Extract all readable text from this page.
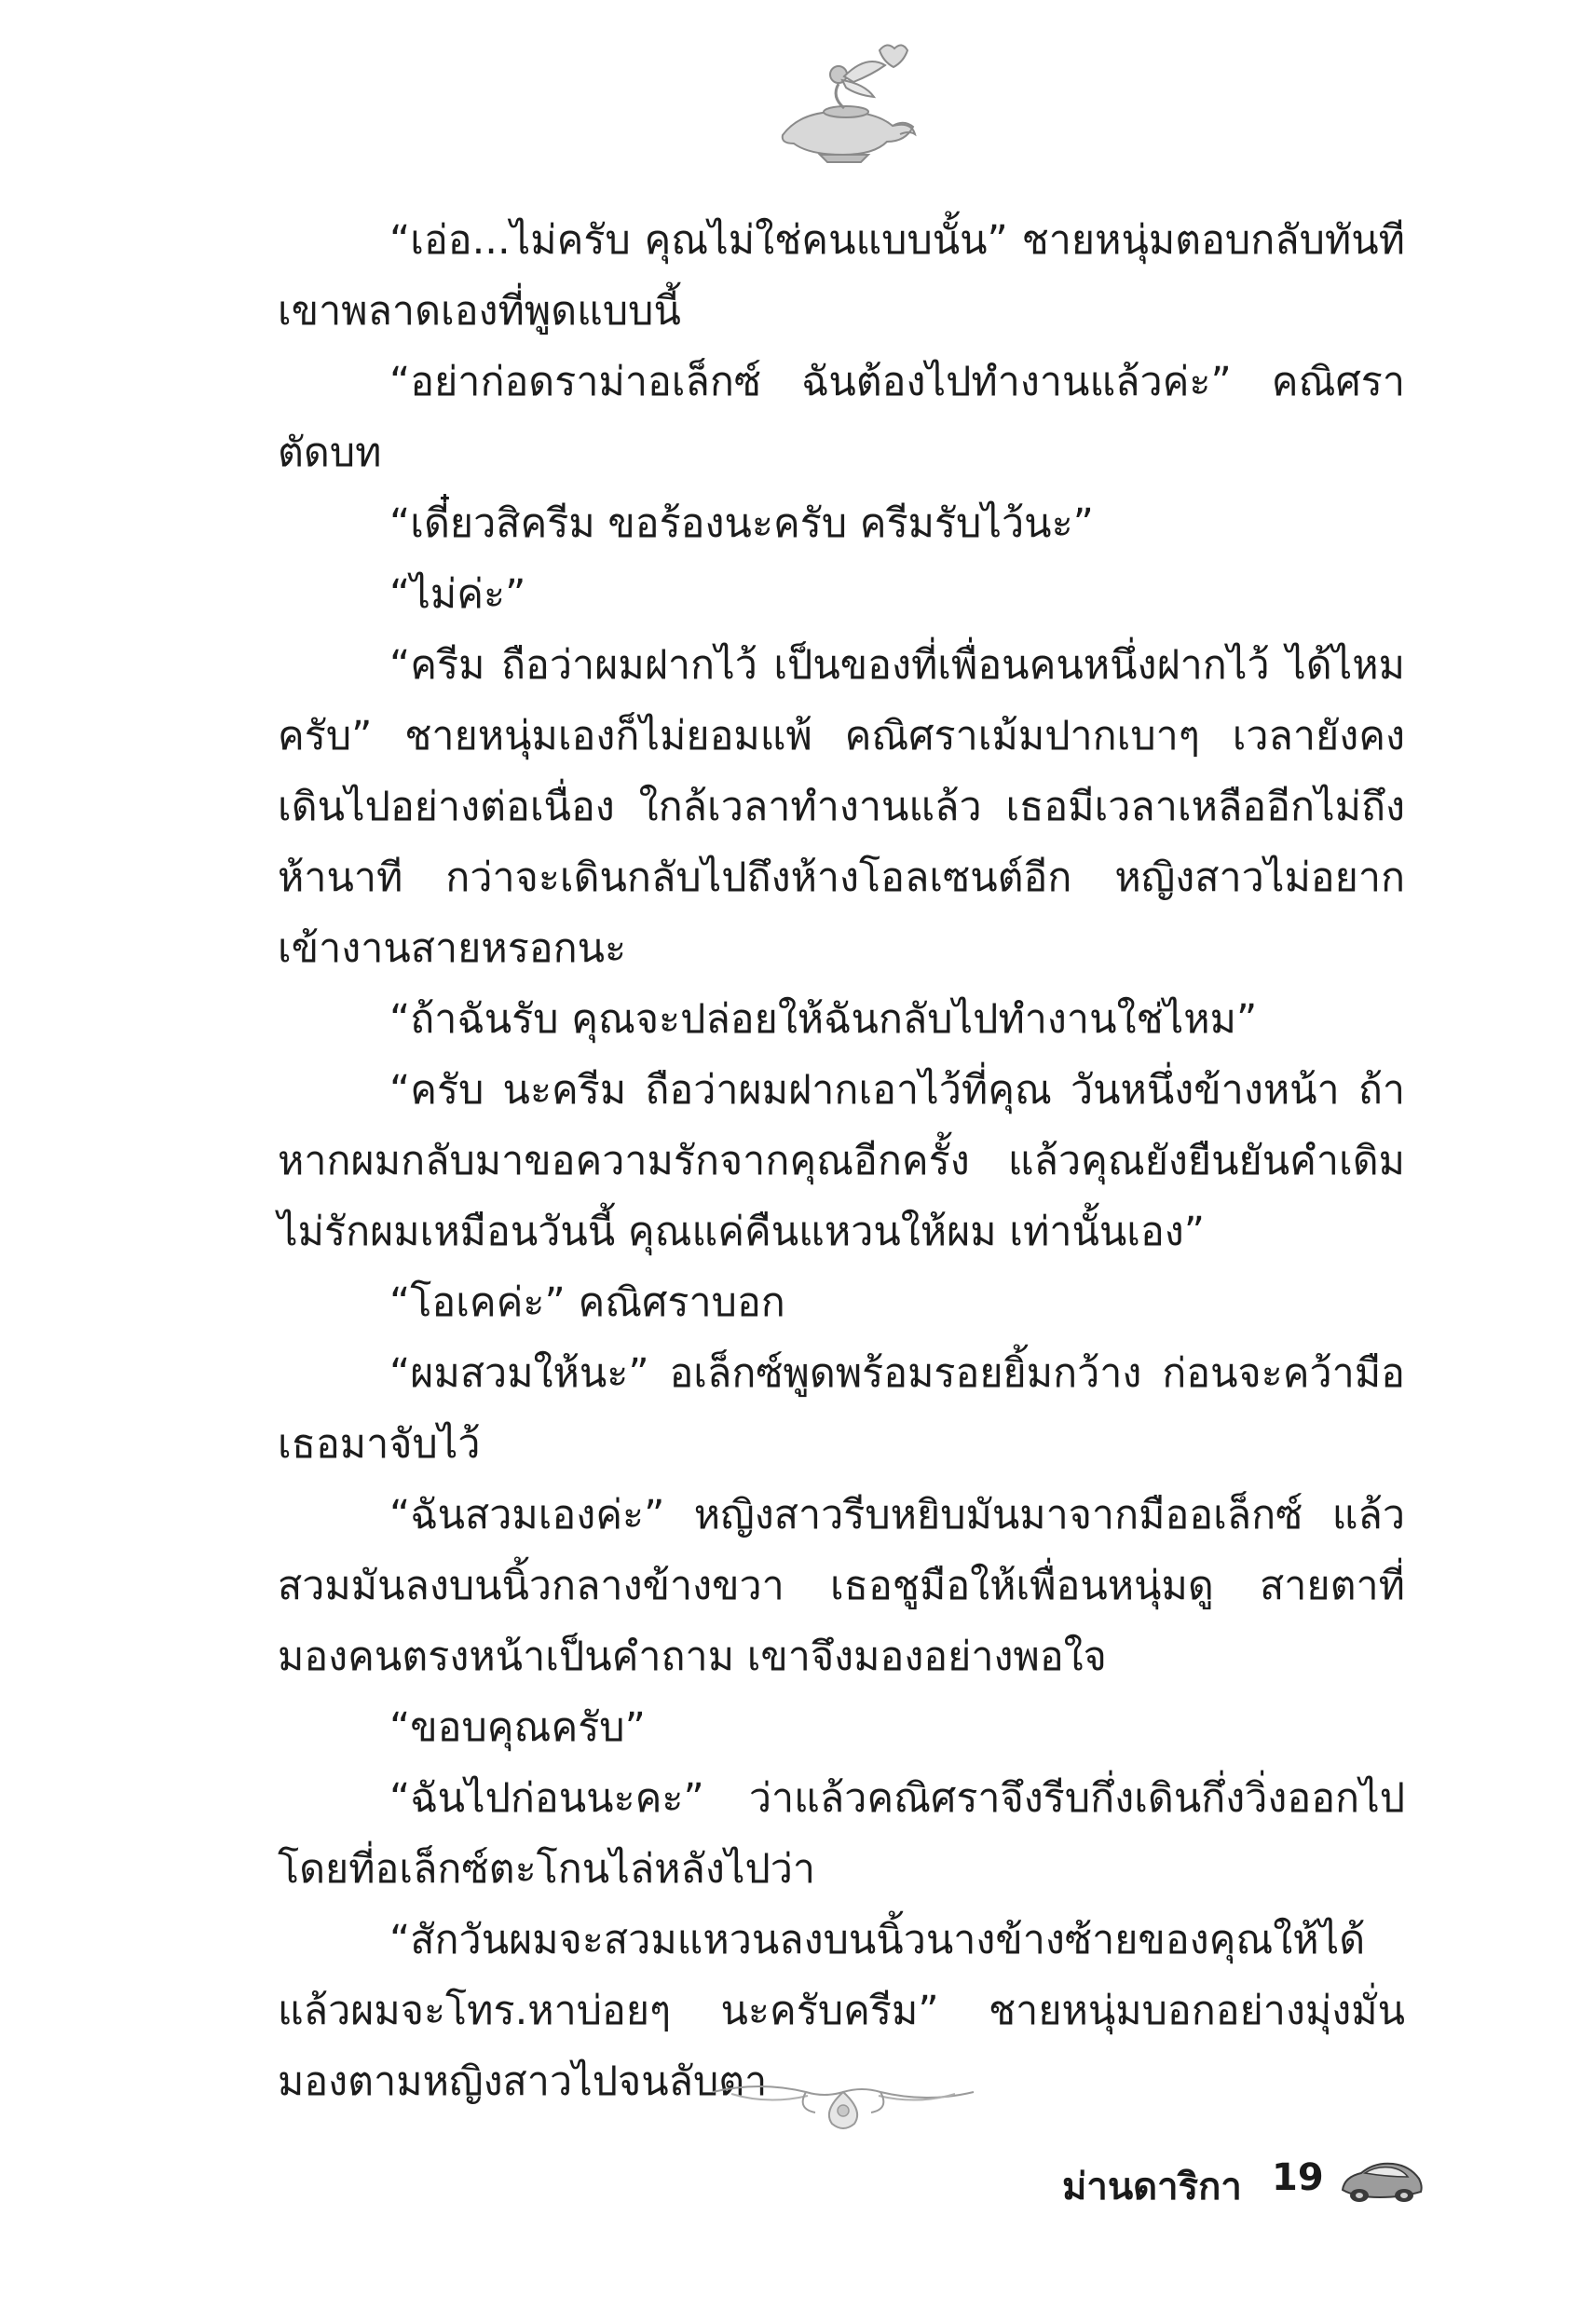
“เอ่อ...ไม่ครับ คุณไม่ใช่คนแบบนั้น” ชายหนุ่มตอบกลับทันที เขาพลาดเองที่พูดแบบนี้

“อย่าก่อดราม่าอเล็กซ์ ฉันต้องไปทำงานแล้วค่ะ” คณิศราตัดบท

“เดี๋ยวสิครีม ขอร้องนะครับ ครีมรับไว้นะ”

“ไม่ค่ะ”

“ครีม ถือว่าผมฝากไว้ เป็นของที่เพื่อนคนหนึ่งฝากไว้ ได้ไหมครับ” ชายหนุ่มเองก็ไม่ยอมแพ้ คณิศราเม้มปากเบาๆ เวลายังคงเดินไปอย่างต่อเนื่อง ใกล้เวลาทำงานแล้ว เธอมีเวลาเหลืออีกไม่ถึงห้านาที กว่าจะเดินกลับไปถึงห้างโอลเซนต์อีก หญิงสาวไม่อยากเข้างานสายหรอกนะ

“ถ้าฉันรับ คุณจะปล่อยให้ฉันกลับไปทำงานใช่ไหม”

“ครับ นะครีม ถือว่าผมฝากเอาไว้ที่คุณ วันหนึ่งข้างหน้า ถ้าหากผมกลับมาขอความรักจากคุณอีกครั้ง แล้วคุณยังยืนยันคำเดิม ไม่รักผมเหมือนวันนี้ คุณแค่คืนแหวนให้ผม เท่านั้นเอง”

“โอเคค่ะ” คณิศราบอก

“ผมสวมให้นะ” อเล็กซ์พูดพร้อมรอยยิ้มกว้าง ก่อนจะคว้ามือเธอมาจับไว้

“ฉันสวมเองค่ะ” หญิงสาวรีบหยิบมันมาจากมืออเล็กซ์ แล้วสวมมันลงบนนิ้วกลางข้างขวา เธอชูมือให้เพื่อนหนุ่มดู สายตาที่มองคนตรงหน้าเป็นคำถาม เขาจึงมองอย่างพอใจ

“ขอบคุณครับ”

“ฉันไปก่อนนะคะ” ว่าแล้วคณิศราจึงรีบกึ่งเดินกึ่งวิ่งออกไปโดยที่อเล็กซ์ตะโกนไล่หลังไปว่า

“สักวันผมจะสวมแหวนลงบนนิ้วนางข้างซ้ายของคุณให้ได้ แล้วผมจะโทร.หาบ่อยๆ นะครับครีม” ชายหนุ่มบอกอย่างมุ่งมั่น มองตามหญิงสาวไปจนลับตา

ม่านดาริกา 19
